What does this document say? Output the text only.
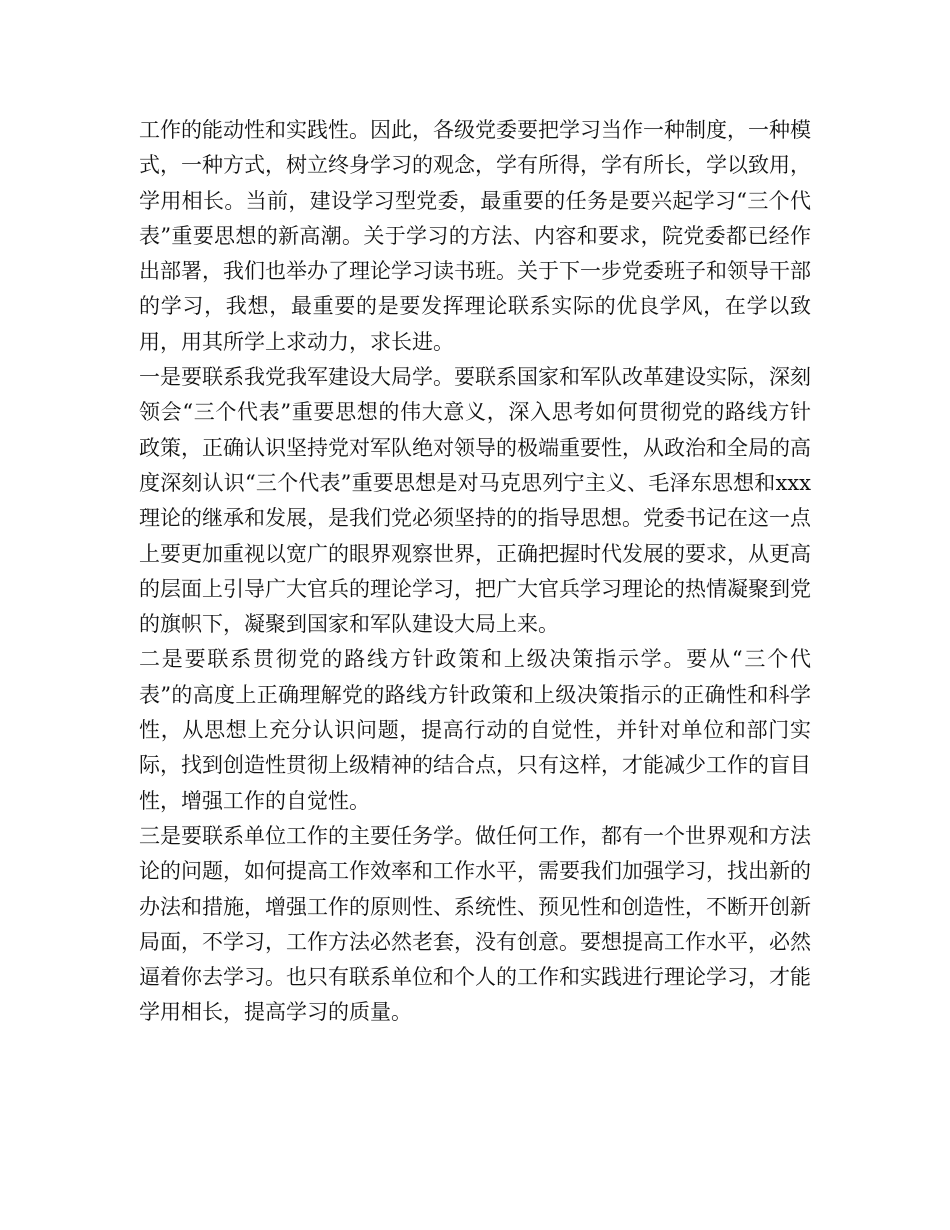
工作的能动性和实践性。因此，各级党委要把学习当作一种制度，一种模式，一种方式，树立终身学习的观念，学有所得，学有所长，学以致用，学用相长。当前，建设学习型党委，最重要的任务是要兴起学习“三个代表”重要思想的新高潮。关于学习的方法、内容和要求，院党委都已经作出部署，我们也举办了理论学习读书班。关于下一步党委班子和领导干部的学习，我想，最重要的是要发挥理论联系实际的优良学风，在学以致用，用其所学上求动力，求长进。

一是要联系我党我军建设大局学。要联系国家和军队改革建设实际，深刻领会“三个代表”重要思想的伟大意义，深入思考如何贯彻党的路线方针政策，正确认识坚持党对军队绝对领导的极端重要性，从政治和全局的高度深刻认识“三个代表”重要思想是对马克思列宁主义、毛泽东思想和xxx理论的继承和发展，是我们党必须坚持的的指导思想。党委书记在这一点上要更加重视以宽广的眼界观察世界，正确把握时代发展的要求，从更高的层面上引导广大官兵的理论学习，把广大官兵学习理论的热情凝聚到党的旗帜下，凝聚到国家和军队建设大局上来。

二是要联系贯彻党的路线方针政策和上级决策指示学。要从“三个代表”的高度上正确理解党的路线方针政策和上级决策指示的正确性和科学性，从思想上充分认识问题，提高行动的自觉性，并针对单位和部门实际，找到创造性贯彻上级精神的结合点，只有这样，才能减少工作的盲目性，增强工作的自觉性。

三是要联系单位工作的主要任务学。做任何工作，都有一个世界观和方法论的问题，如何提高工作效率和工作水平，需要我们加强学习，找出新的办法和措施，增强工作的原则性、系统性、预见性和创造性，不断开创新局面，不学习，工作方法必然老套，没有创意。要想提高工作水平，必然逼着你去学习。也只有联系单位和个人的工作和实践进行理论学习，才能学用相长，提高学习的质量。
